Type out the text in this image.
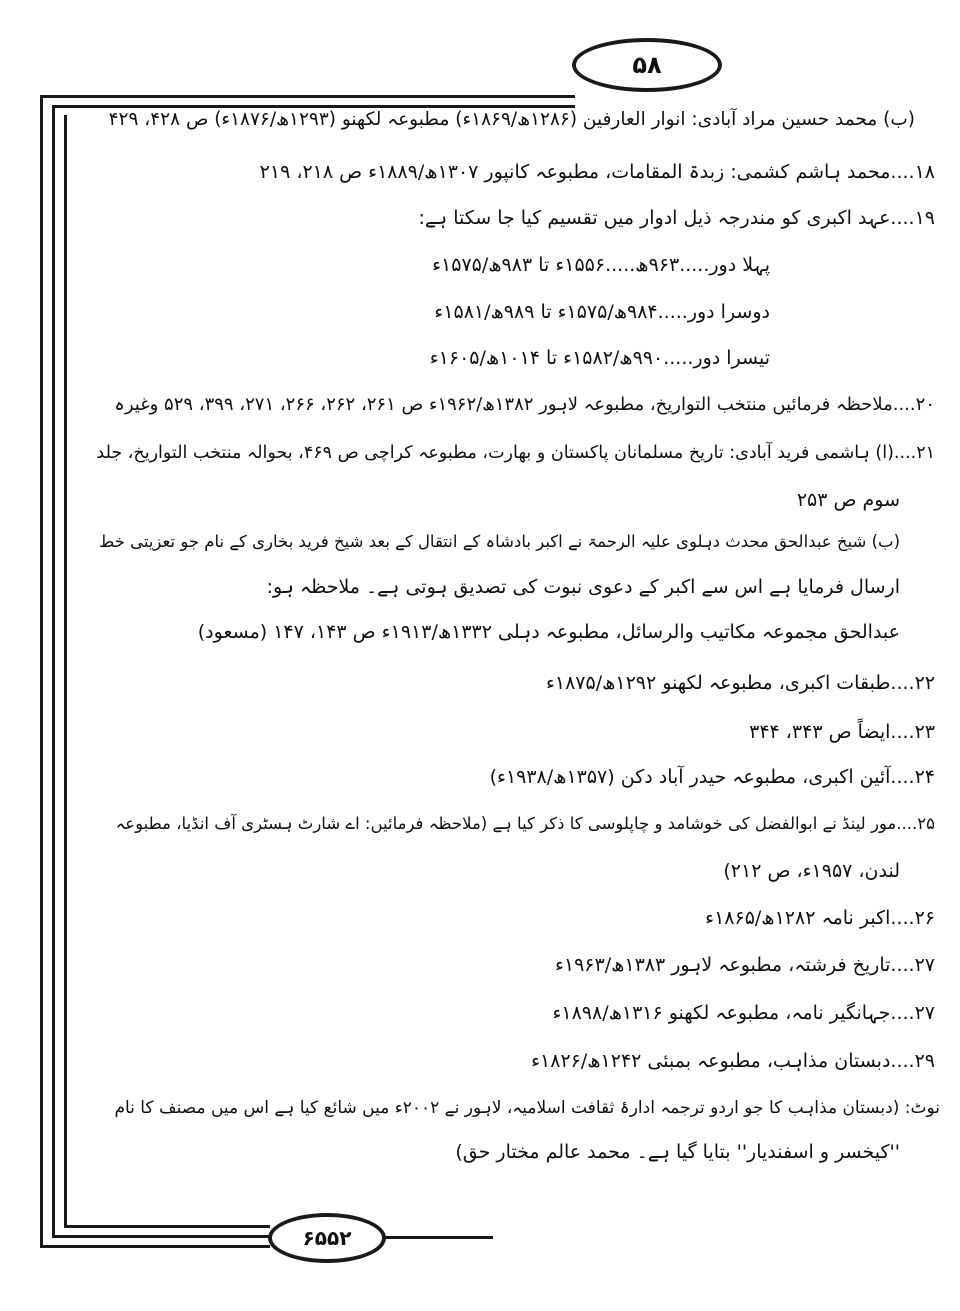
۵۸
۶۵۵۲
(ب) محمد حسین مراد آبادی: انوار العارفین (۱۲۸۶ھ/۱۸۶۹ء) مطبوعہ لکھنو (۱۲۹۳ھ/۱۸۷۶ء) ص ۴۲۸، ۴۲۹
۱۸....محمد ہاشم کشمی: زبدۃ المقامات، مطبوعہ کانپور ۱۳۰۷ھ/۱۸۸۹ء ص ۲۱۸، ۲۱۹
۱۹....عہد اکبری کو مندرجہ ذیل ادوار میں تقسیم کیا جا سکتا ہے:
پہلا دور.....۹۶۳ھ.....۱۵۵۶ء تا ۹۸۳ھ/۱۵۷۵ء
دوسرا دور.....۹۸۴ھ/۱۵۷۵ء تا ۹۸۹ھ/۱۵۸۱ء
تیسرا دور.....۹۹۰ھ/۱۵۸۲ء تا ۱۰۱۴ھ/۱۶۰۵ء
۲۰....ملاحظہ فرمائیں منتخب التواریخ، مطبوعہ لاہور ۱۳۸۲ھ/۱۹۶۲ء ص ۲۶۱، ۲۶۲، ۲۶۶، ۲۷۱، ۳۹۹، ۵۲۹ وغیرہ
۲۱....(ا) ہاشمی فرید آبادی: تاریخ مسلمانان پاکستان و بھارت، مطبوعہ کراچی ص ۴۶۹، بحوالہ منتخب التواریخ، جلد
سوم ص ۲۵۳
(ب) شیخ عبدالحق محدث دہلوی علیہ الرحمۃ نے اکبر بادشاہ کے انتقال کے بعد شیخ فرید بخاری کے نام جو تعزیتی خط
ارسال فرمایا ہے اس سے اکبر کے دعوی نبوت کی تصدیق ہوتی ہے۔ ملاحظہ ہو:
عبدالحق مجموعہ مکاتیب والرسائل، مطبوعہ دہلی ۱۳۳۲ھ/۱۹۱۳ء ص ۱۴۳، ۱۴۷ (مسعود)
۲۲....طبقات اکبری، مطبوعہ لکھنو ۱۲۹۲ھ/۱۸۷۵ء
۲۳....ایضاً ص ۳۴۳، ۳۴۴
۲۴....آئین اکبری، مطبوعہ حیدر آباد دکن (۱۳۵۷ھ/۱۹۳۸ء)
۲۵....مور لینڈ نے ابوالفضل کی خوشامد و چاپلوسی کا ذکر کیا ہے (ملاحظہ فرمائیں: اے شارٹ ہسٹری آف انڈیا، مطبوعہ
لندن، ۱۹۵۷ء، ص ۲۱۲)
۲۶....اکبر نامہ ۱۲۸۲ھ/۱۸۶۵ء
۲۷....تاریخ فرشتہ، مطبوعہ لاہور ۱۳۸۳ھ/۱۹۶۳ء
۲۷....جہانگیر نامہ، مطبوعہ لکھنو ۱۳۱۶ھ/۱۸۹۸ء
۲۹....دبستان مذاہب، مطبوعہ بمبئی ۱۲۴۲ھ/۱۸۲۶ء
نوٹ: (دبستان مذاہب کا جو اردو ترجمہ ادارۂ ثقافت اسلامیہ، لاہور نے ۲۰۰۲ء میں شائع کیا ہے اس میں مصنف کا نام
''کیخسر و اسفندیار'' بتایا گیا ہے۔ محمد عالم مختار حق)
